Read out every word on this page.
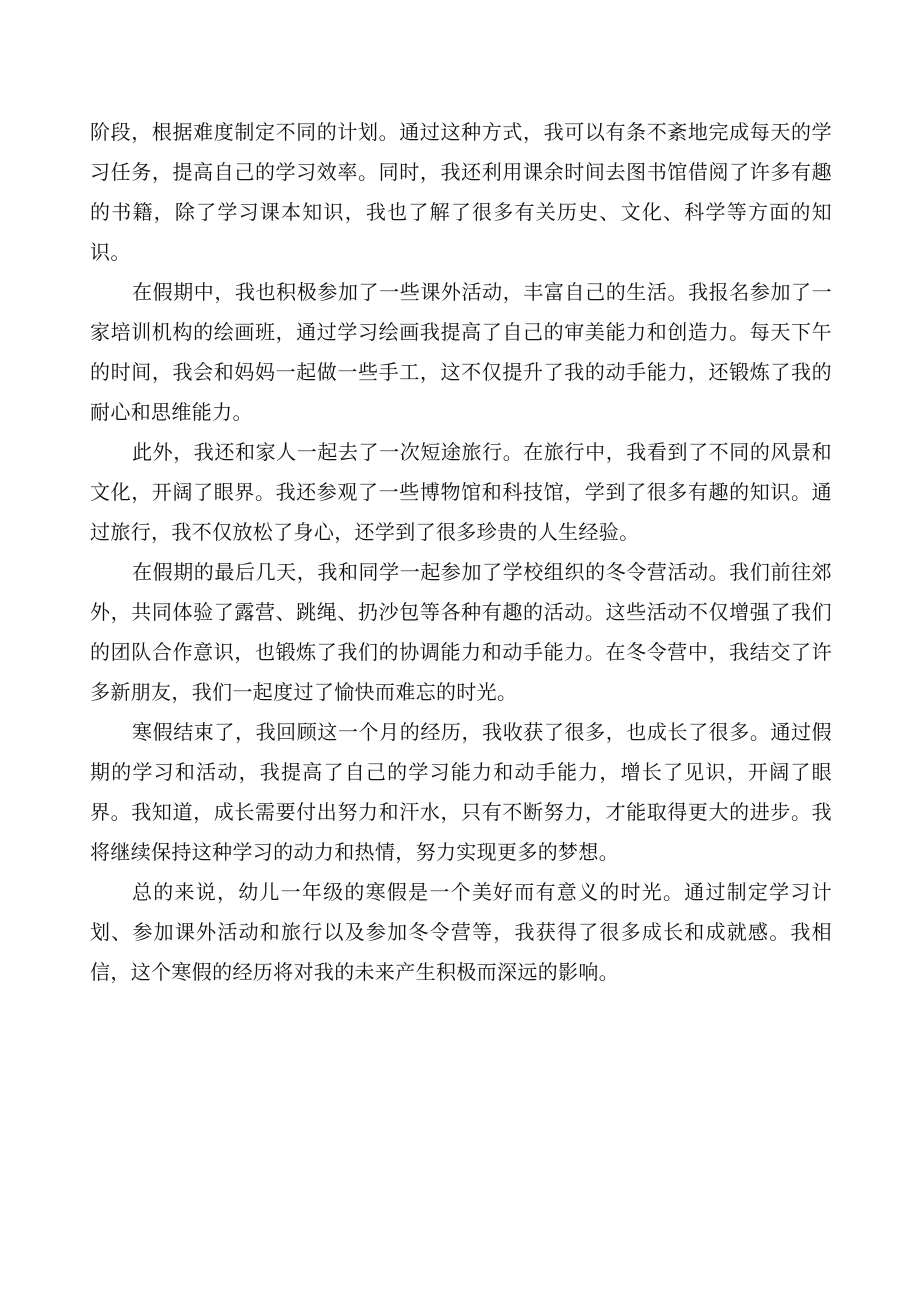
阶段，根据难度制定不同的计划。通过这种方式，我可以有条不紊地完成每天的学习任务，提高自己的学习效率。同时，我还利用课余时间去图书馆借阅了许多有趣的书籍，除了学习课本知识，我也了解了很多有关历史、文化、科学等方面的知识。

在假期中，我也积极参加了一些课外活动，丰富自己的生活。我报名参加了一家培训机构的绘画班，通过学习绘画我提高了自己的审美能力和创造力。每天下午的时间，我会和妈妈一起做一些手工，这不仅提升了我的动手能力，还锻炼了我的耐心和思维能力。

此外，我还和家人一起去了一次短途旅行。在旅行中，我看到了不同的风景和文化，开阔了眼界。我还参观了一些博物馆和科技馆，学到了很多有趣的知识。通过旅行，我不仅放松了身心，还学到了很多珍贵的人生经验。

在假期的最后几天，我和同学一起参加了学校组织的冬令营活动。我们前往郊外，共同体验了露营、跳绳、扔沙包等各种有趣的活动。这些活动不仅增强了我们的团队合作意识，也锻炼了我们的协调能力和动手能力。在冬令营中，我结交了许多新朋友，我们一起度过了愉快而难忘的时光。

寒假结束了，我回顾这一个月的经历，我收获了很多，也成长了很多。通过假期的学习和活动，我提高了自己的学习能力和动手能力，增长了见识，开阔了眼界。我知道，成长需要付出努力和汗水，只有不断努力，才能取得更大的进步。我将继续保持这种学习的动力和热情，努力实现更多的梦想。

总的来说，幼儿一年级的寒假是一个美好而有意义的时光。通过制定学习计划、参加课外活动和旅行以及参加冬令营等，我获得了很多成长和成就感。我相信，这个寒假的经历将对我的未来产生积极而深远的影响。
